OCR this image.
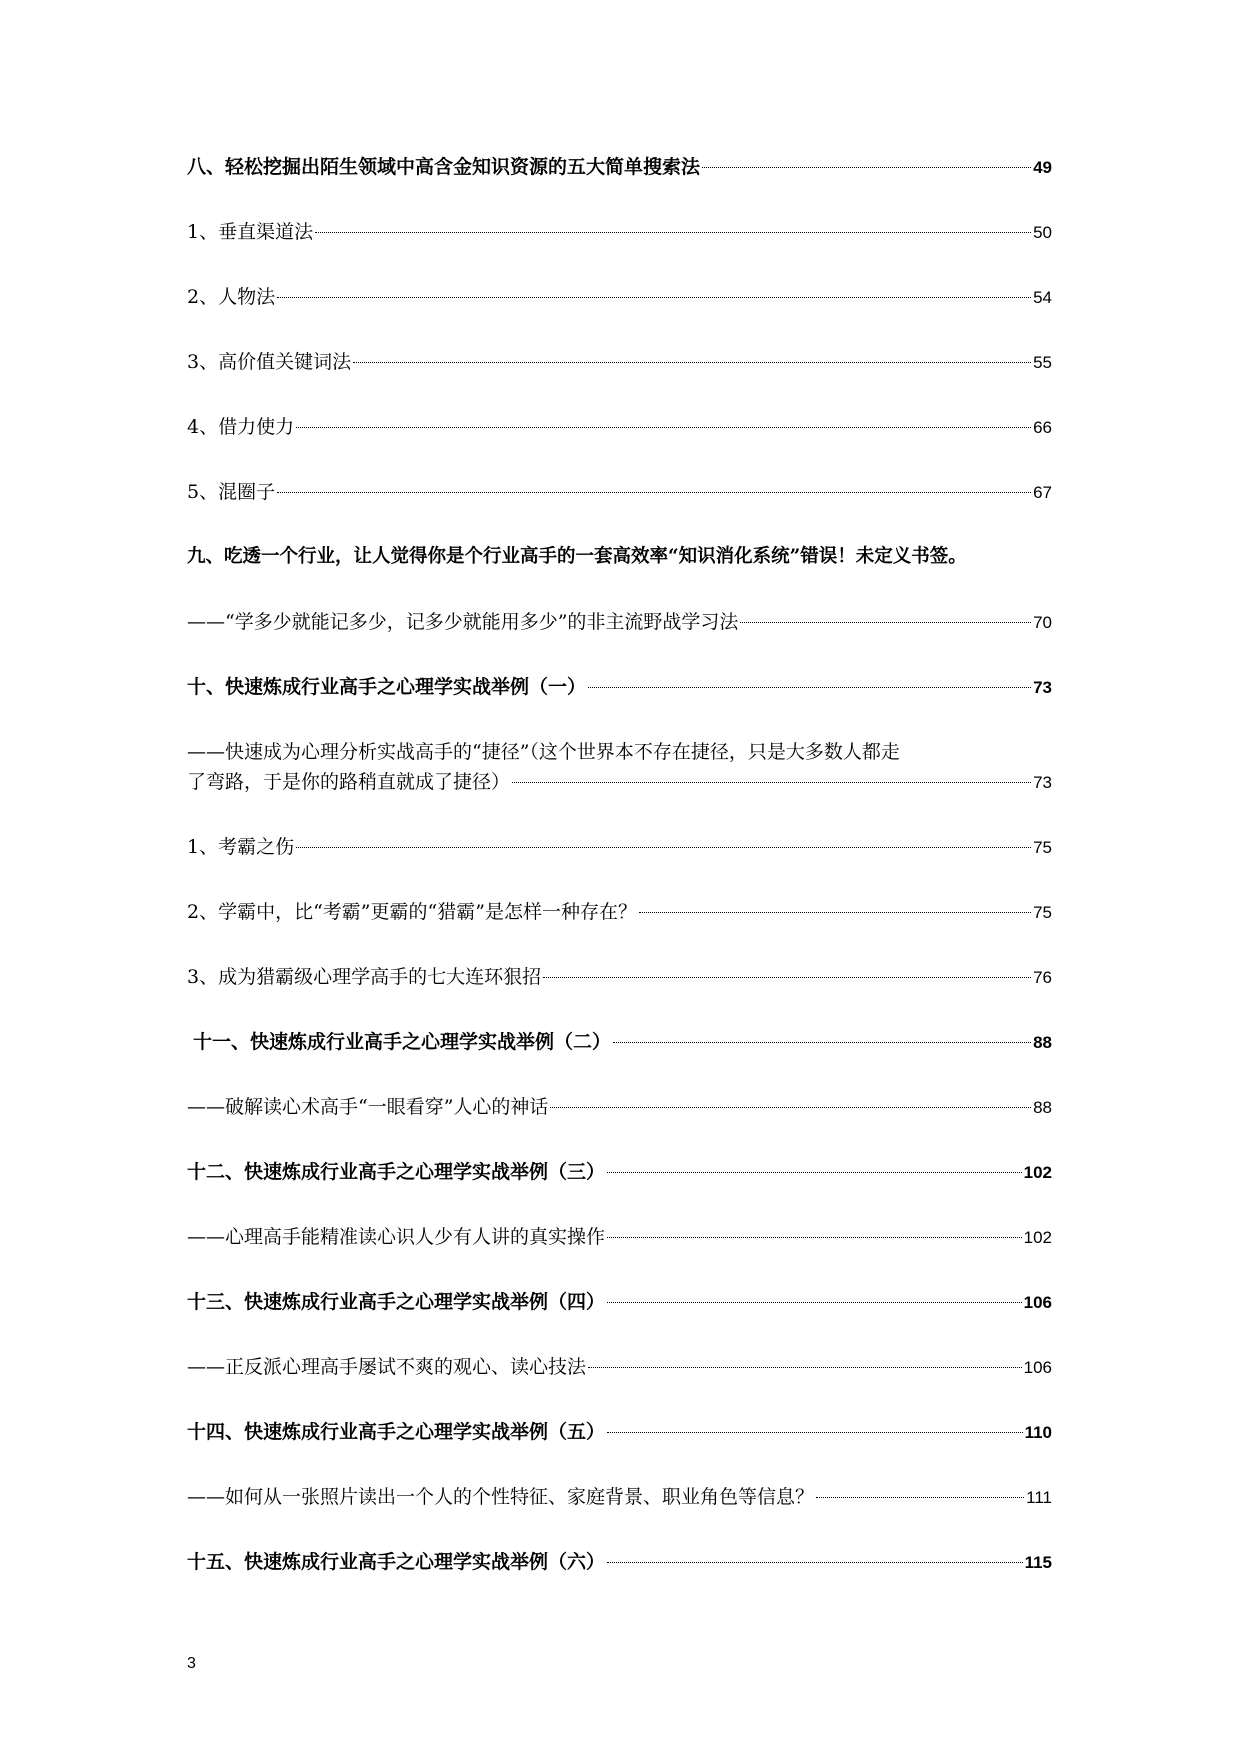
八、轻松挖掘出陌生领域中高含金知识资源的五大简单搜索法	49
1、垂直渠道法	50
2、人物法	54
3、高价值关键词法	55
4、借力使力	66
5、混圈子	67
九、吃透一个行业，让人觉得你是个行业高手的一套高效率“知识消化系统”错误！未定义书签。
——“学多少就能记多少，记多少就能用多少”的非主流野战学习法	70
十、快速炼成行业高手之心理学实战举例（一）	73
——快速成为心理分析实战高手的“捷径”（这个世界本不存在捷径，只是大多数人都走
了弯路，于是你的路稍直就成了捷径）	73
1、考霸之伤	75
2、学霸中，比“考霸”更霸的“猎霸”是怎样一种存在？	75
3、成为猎霸级心理学高手的七大连环狠招	76
十一、快速炼成行业高手之心理学实战举例（二）	88
——破解读心术高手“一眼看穿”人心的神话	88
十二、快速炼成行业高手之心理学实战举例（三）	102
——心理高手能精准读心识人少有人讲的真实操作	102
十三、快速炼成行业高手之心理学实战举例（四）	106
——正反派心理高手屡试不爽的观心、读心技法	106
十四、快速炼成行业高手之心理学实战举例（五）	110
——如何从一张照片读出一个人的个性特征、家庭背景、职业角色等信息？	111
十五、快速炼成行业高手之心理学实战举例（六）	115
3
